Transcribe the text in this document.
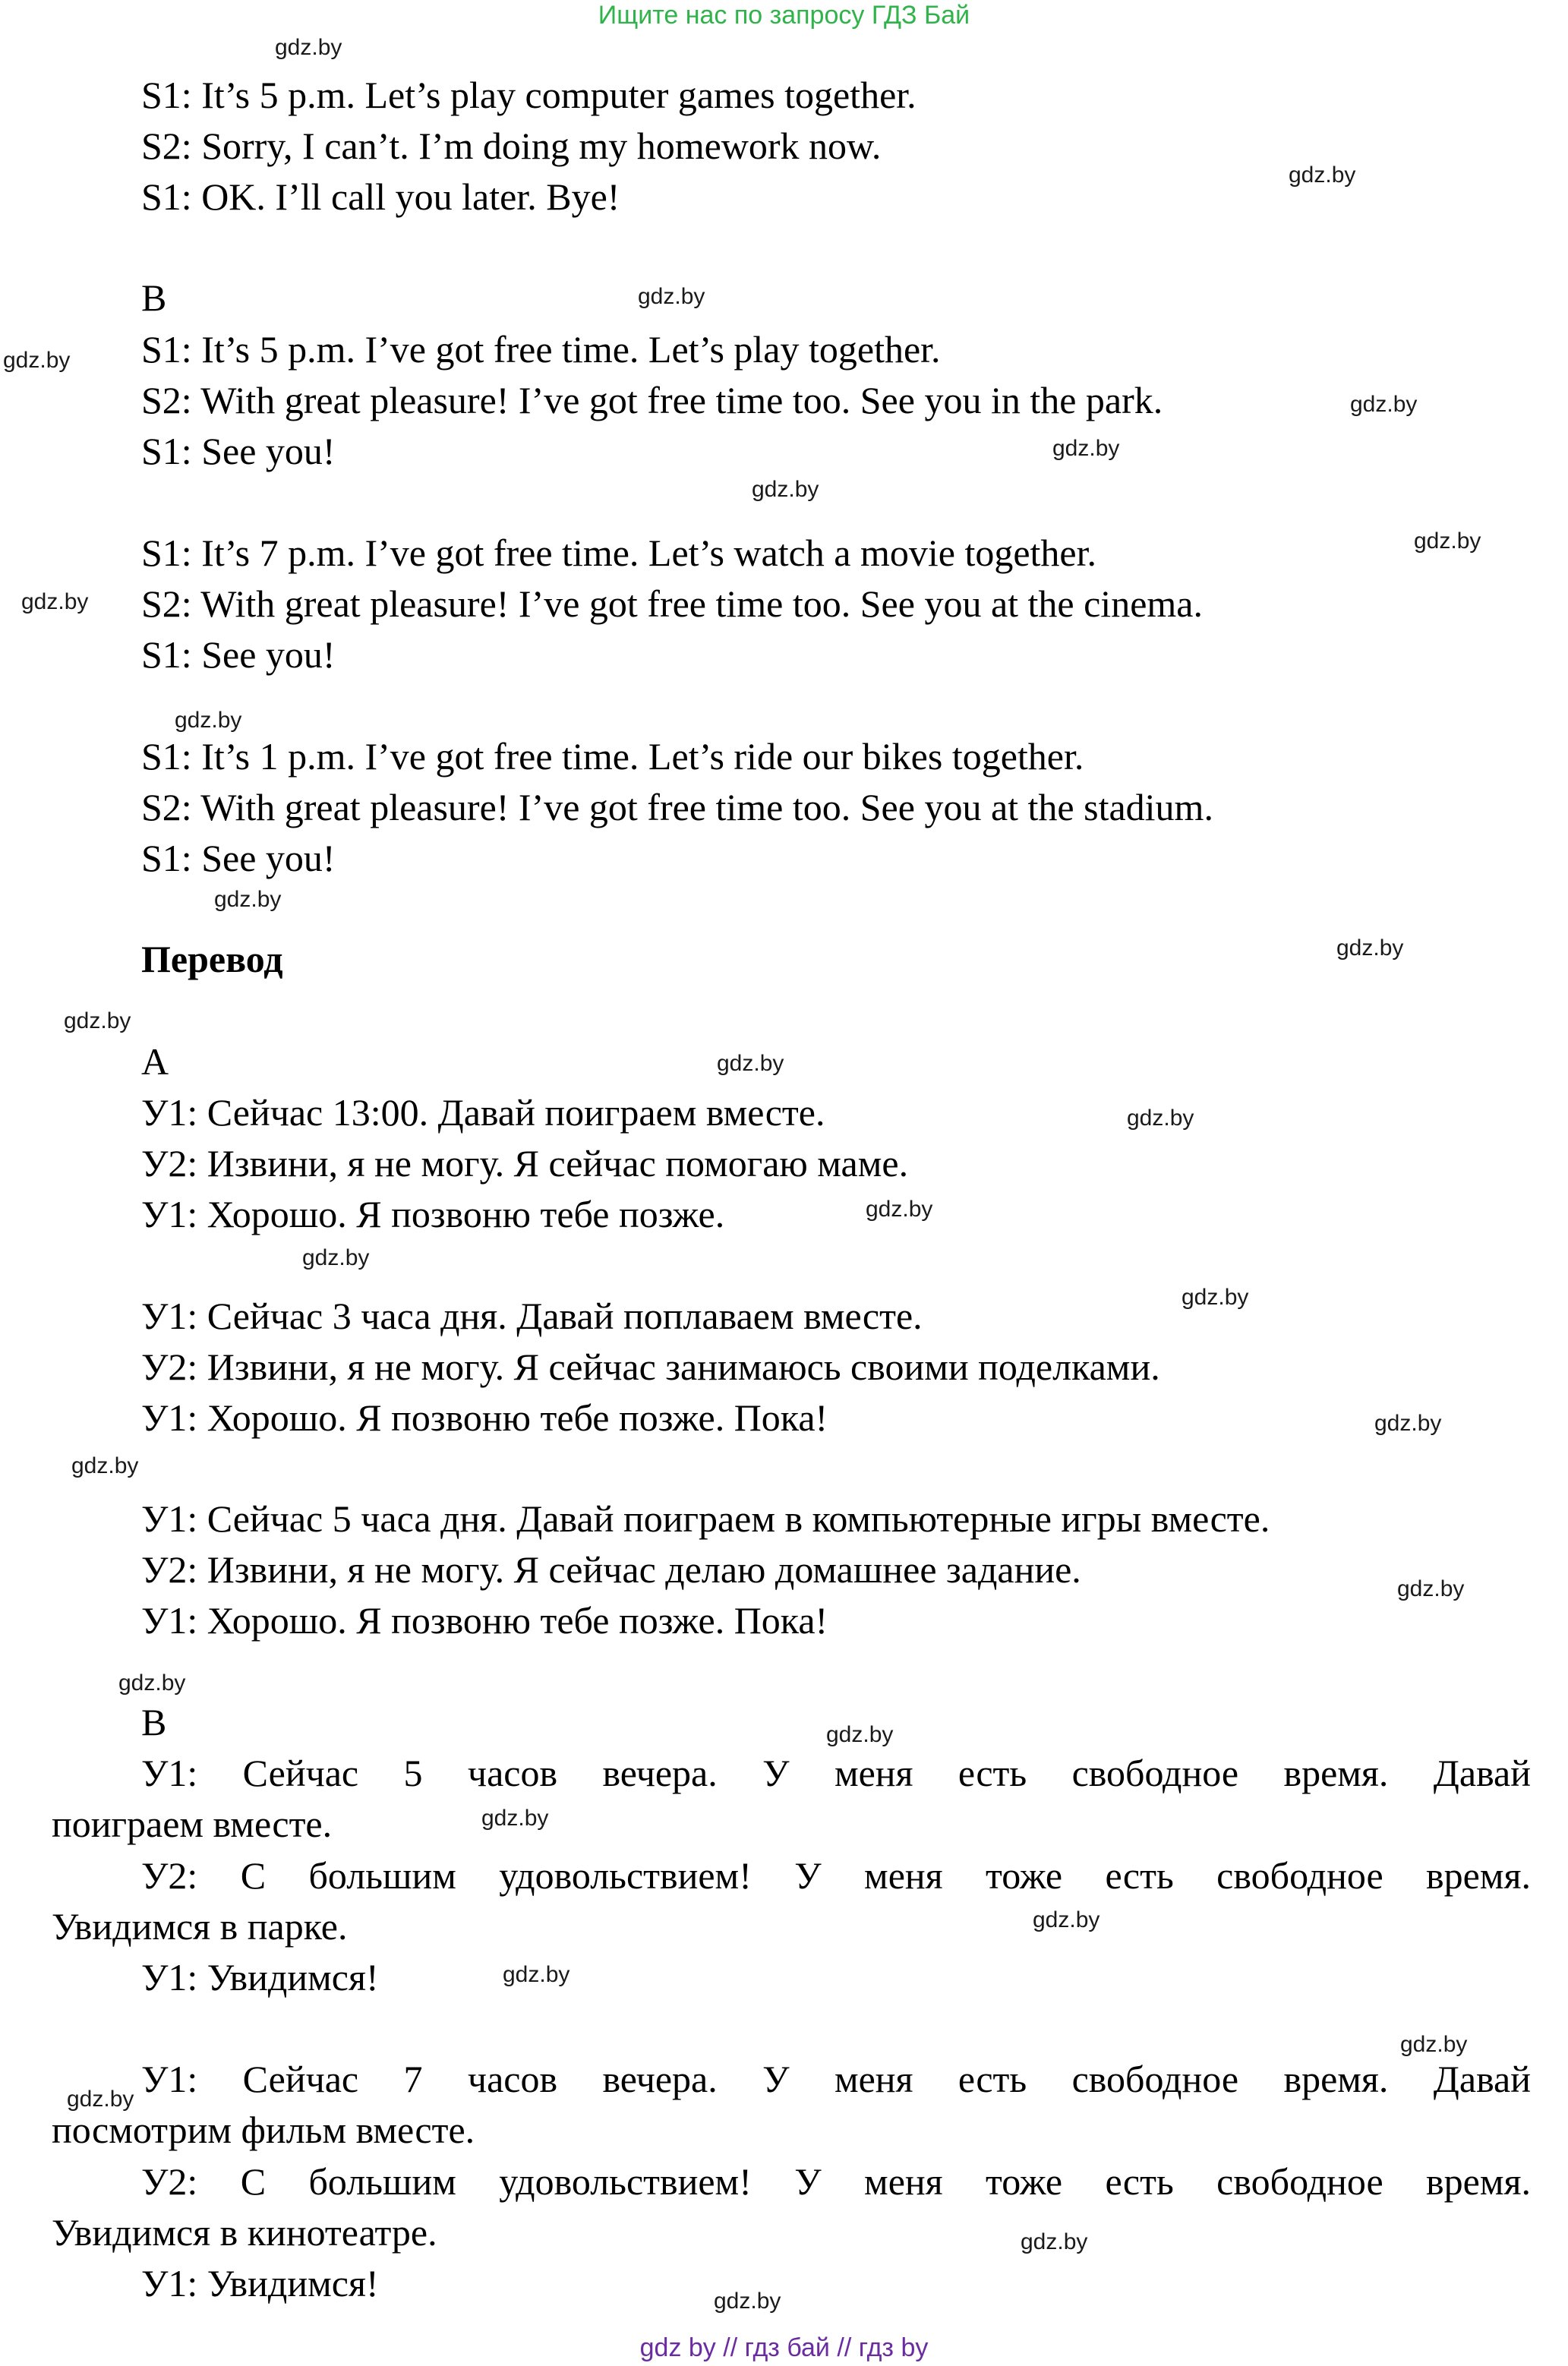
Ищите нас по запросу ГДЗ Бай
S1: It’s 5 p.m. Let’s play computer games together.
S2: Sorry, I can’t. I’m doing my homework now.
S1: OK. I’ll call you later. Bye!
B
S1: It’s 5 p.m. I’ve got free time. Let’s play together.
S2: With great pleasure! I’ve got free time too. See you in the park.
S1: See you!
S1: It’s 7 p.m. I’ve got free time. Let’s watch a movie together.
S2: With great pleasure! I’ve got free time too. See you at the cinema.
S1: See you!
S1: It’s 1 p.m. I’ve got free time. Let’s ride our bikes together.
S2: With great pleasure! I’ve got free time too. See you at the stadium.
S1: See you!
Перевод
A
У1: Сейчас 13:00. Давай поиграем вместе.
У2: Извини, я не могу. Я сейчас помогаю маме.
У1: Хорошо. Я позвоню тебе позже.
У1: Сейчас 3 часа дня. Давай поплаваем вместе.
У2: Извини, я не могу. Я сейчас занимаюсь своими поделками.
У1: Хорошо. Я позвоню тебе позже. Пока!
У1: Сейчас 5 часа дня. Давай поиграем в компьютерные игры вместе.
У2: Извини, я не могу. Я сейчас делаю домашнее задание.
У1: Хорошо. Я позвоню тебе позже. Пока!
B
У1: Сейчас 5 часов вечера. У меня есть свободное время. Давай
поиграем вместе.
У2: С большим удовольствием! У меня тоже есть свободное время.
Увидимся в парке.
У1: Увидимся!
У1: Сейчас 7 часов вечера. У меня есть свободное время. Давай
посмотрим фильм вместе.
У2: С большим удовольствием! У меня тоже есть свободное время.
Увидимся в кинотеатре.
У1: Увидимся!
gdz.by
gdz.by
gdz.by
gdz.by
gdz.by
gdz.by
gdz.by
gdz.by
gdz.by
gdz.by
gdz.by
gdz.by
gdz.by
gdz.by
gdz.by
gdz.by
gdz.by
gdz.by
gdz.by
gdz.by
gdz.by
gdz.by
gdz.by
gdz.by
gdz.by
gdz.by
gdz.by
gdz.by
gdz.by
gdz.by
gdz by // гдз бай // гдз by
